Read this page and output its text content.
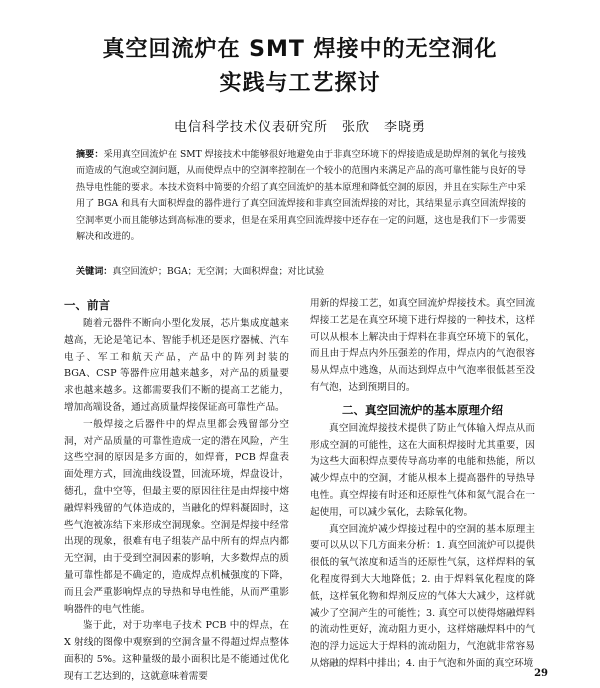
真空回流炉在 SMT 焊接中的无空洞化
实践与工艺探讨
电信科学技术仪表研究所　张欣　李晓勇
摘要：采用真空回流炉在 SMT 焊接技术中能够很好地避免由于非真空环境下的焊接造成是助焊剂的氧化与接残而造成的气泡或空洞问题，从而使焊点中的空洞率控制在一个较小的范围内来满足产品的高可靠性能与良好的导热导电性能的要求。本技术资料中简要的介绍了真空回流炉的基本原理和降低空洞的原因，并且在实际生产中采用了 BGA 和具有大面积焊盘的器件进行了真空回流焊接和非真空回流焊接的对比，其结果显示真空回流焊接的空洞率更小而且能够达到高标准的要求，但是在采用真空回流焊接中还存在一定的问题，这也是我们下一步需要解决和改进的。
关键词：真空回流炉；BGA；无空洞；大面积焊盘；对比试验
一、前言

随着元器件不断向小型化发展，芯片集成度越来越高，无论是笔记本、智能手机还是医疗器械、汽车电子、军工和航天产品，产品中的阵列封装的 BGA、CSP 等器件应用越来越多，对产品的质量要求也越来越多。这都需要我们不断的提高工艺能力，增加高端设备，通过高质量焊接保证高可靠性产品。

一般焊接之后器件中的焊点里都会残留部分空洞，对产品质量的可靠性造成一定的潜在风险，产生这些空洞的原因是多方面的，如焊膏，PCB 焊盘表面处理方式，回流曲线设置，回流环境，焊盘设计，德孔，盘中空等，但最主要的原因往往是由焊接中熔融焊料残留的气体造成的，当融化的焊料凝固时，这些气泡被冻结下来形成空洞现象。空洞是焊接中经常出现的现象，很难有电子组装产品中所有的焊点内都无空洞，由于受到空洞因素的影响，大多数焊点的质量可靠性都是不确定的，造成焊点机械强度的下降，而且会严重影响焊点的导热和导电性能，从而严重影响器件的电气性能。

鉴于此，对于功率电子技术 PCB 中的焊点，在 X 射线的图像中观察到的空洞含量不得超过焊点整体面积的 5%。这种量级的最小面积比是不能通过优化现有工艺达到的，这就意味着需要

用新的焊接工艺，如真空回流炉焊接技术。真空回流焊接工艺是在真空环境下进行焊接的一种技术，这样可以从根本上解决由于焊料在非真空环境下的氧化，而且由于焊点内外压强差的作用，焊点内的气泡很容易从焊点中逃逸，从而达到焊点中气泡率很低甚至没有气泡，达到预期目的。

二、真空回流炉的基本原理介绍

真空回流焊接技术提供了防止气体输入焊点从而形成空洞的可能性，这在大面积焊接时尤其重要，因为这些大面积焊点要传导高功率的电能和热能，所以减少焊点中的空洞，才能从根本上提高器件的导热导电性。真空焊接有时还和还原性气体和氮气混合在一起使用，可以减少氧化，去除氧化物。

真空回流炉减少焊接过程中的空洞的基本原理主要可以从以下几方面来分析：1. 真空回流炉可以提供很低的氧气浓度和适当的还原性气氛，这样焊料的氧化程度得到大大地降低；2. 由于焊料氧化程度的降低，这样氧化物和焊剂反应的气体大大减少，这样就减少了空洞产生的可能性；3. 真空可以使得熔融焊料的流动性更好，流动阻力更小，这样熔融焊料中的气泡的浮力远远大于焊料的流动阻力，气泡就非常容易从熔融的焊料中排出；4. 由于气泡和外面的真空环境

29
